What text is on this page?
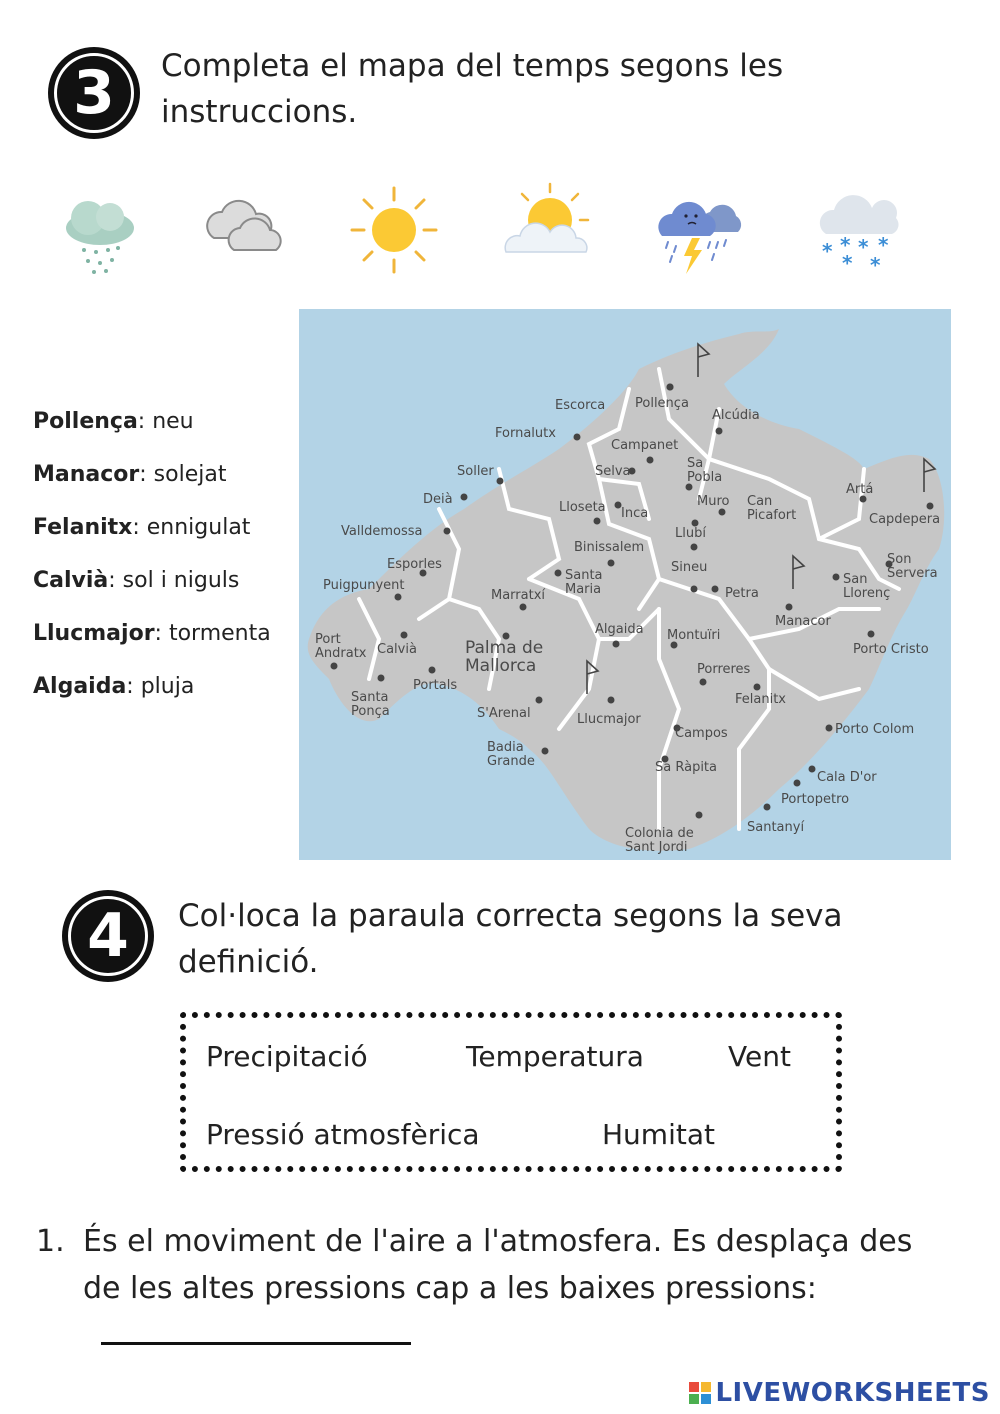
3	Completa el mapa del temps segons les instruccions.
* * * *
* *
Pollença: neu
Manacor: solejat
Felanitx: ennigulat
Calvià: sol i niguls
Llucmajor: tormenta
Algaida: pluja
Escorca Pollença
Alcúdia
Fornalutx
Campanet
Soller	Selva
Sa Pobla
Deià	Muro Can Picafort
Artá
Capdepera
Lloseta Inca
Valldemossa	Llubí
Binissalem
Esporles	Son Servera
Sineu
Puigpunyent
Santa Maria
San Llorenç
Marratxí	Petra
Manacor
Port Andratx Calvià
Algaida Montuïri
Palma de Mallorca
Porto Cristo
Portals
Porreres
Santa Ponça	S'Arenal	Llucmajor
Felanitx
Porto Colom
Badia Grande
Campos
Sa Ràpita
Cala D'or
Portopetro
Santanyí
Colonia de Sant Jordi
4	Col·loca la paraula correcta segons la seva definició.
Precipitació	Temperatura	Vent
Pressió atmosfèrica	Humitat
1. És el moviment de l'aire a l'atmosfera. Es desplaça des de les altes pressions cap a les baixes pressions:
LIVEWORKSHEETS
